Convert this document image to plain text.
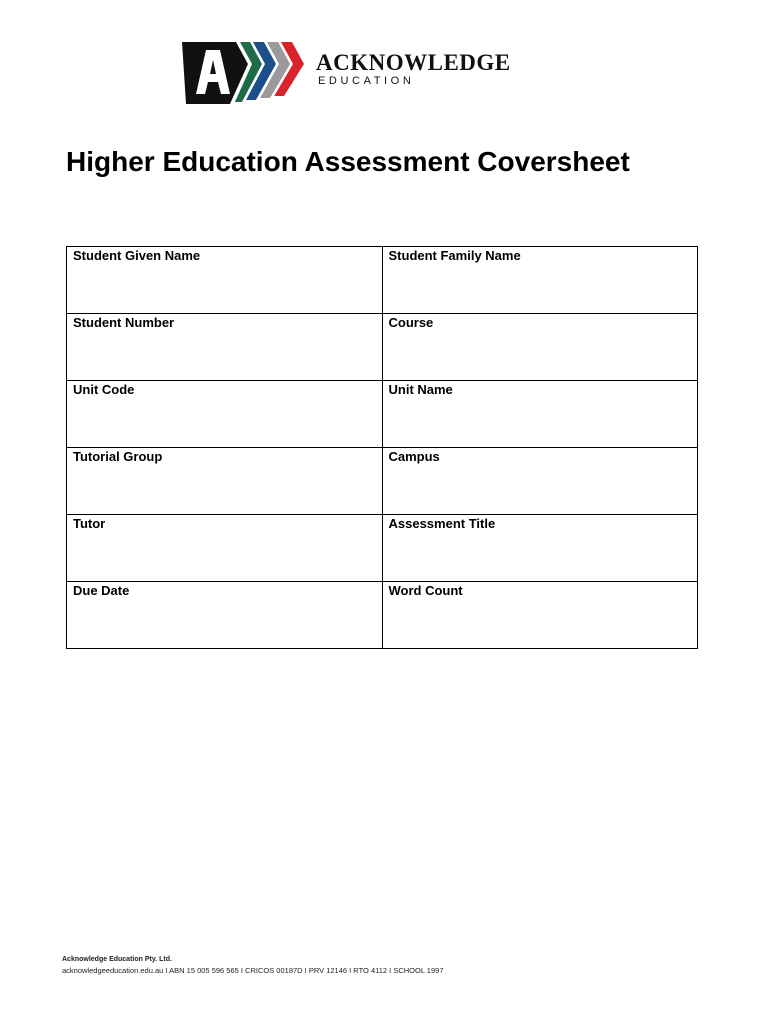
ACKNOWLEDGE
EDUCATION
Higher Education Assessment Coversheet
Student Given Name	Student Family Name

Student Number	Course

Unit Code	Unit Name

Tutorial Group	Campus

Tutor	Assessment Title

Due Date	Word Count
Acknowledge Education Pty. Ltd.
acknowledgeeducation.edu.au I ABN 15 005 596 565 I CRICOS 00187D I PRV 12146 I RTO 4112 I SCHOOL 1997
